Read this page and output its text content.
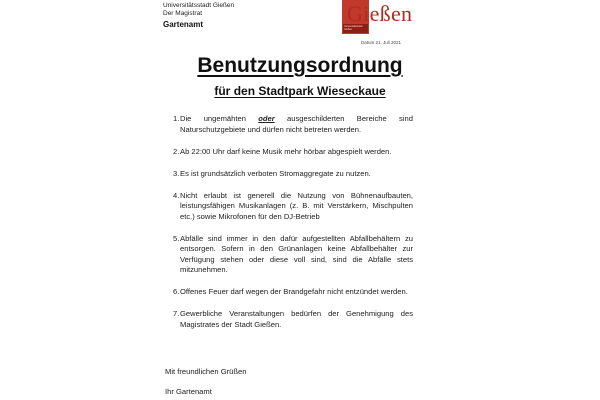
Universitätsstadt Gießen
Der Magistrat
Gartenamt	Universitätsstadt Gießen
Gießen
Datum 21. Juli 2021
Benutzungsordnung
für den Stadtpark Wieseckaue
1. Die ungemähten oder ausgeschilderten Bereiche sind Naturschutzgebiete und dürfen nicht betreten werden.
2. Ab 22:00 Uhr darf keine Musik mehr hörbar abgespielt werden.
3. Es ist grundsätzlich verboten Stromaggregate zu nutzen.
4. Nicht erlaubt ist generell die Nutzung von Bühnenaufbauten, leistungsfähigen Musikanlagen (z. B. mit Verstärkern, Mischpulten etc.) sowie Mikrofonen für den DJ-Betrieb
5. Abfälle sind immer in den dafür aufgestellten Abfallbehältern zu entsorgen. Sofern in den Grünanlagen keine Abfallbehälter zur Verfügung stehen oder diese voll sind, sind die Abfälle stets mitzunehmen.
6. Offenes Feuer darf wegen der Brandgefahr nicht entzündet werden.
7. Gewerbliche Veranstaltungen bedürfen der Genehmigung des Magistrates der Stadt Gießen.
Mit freundlichen Grüßen
Ihr Gartenamt
